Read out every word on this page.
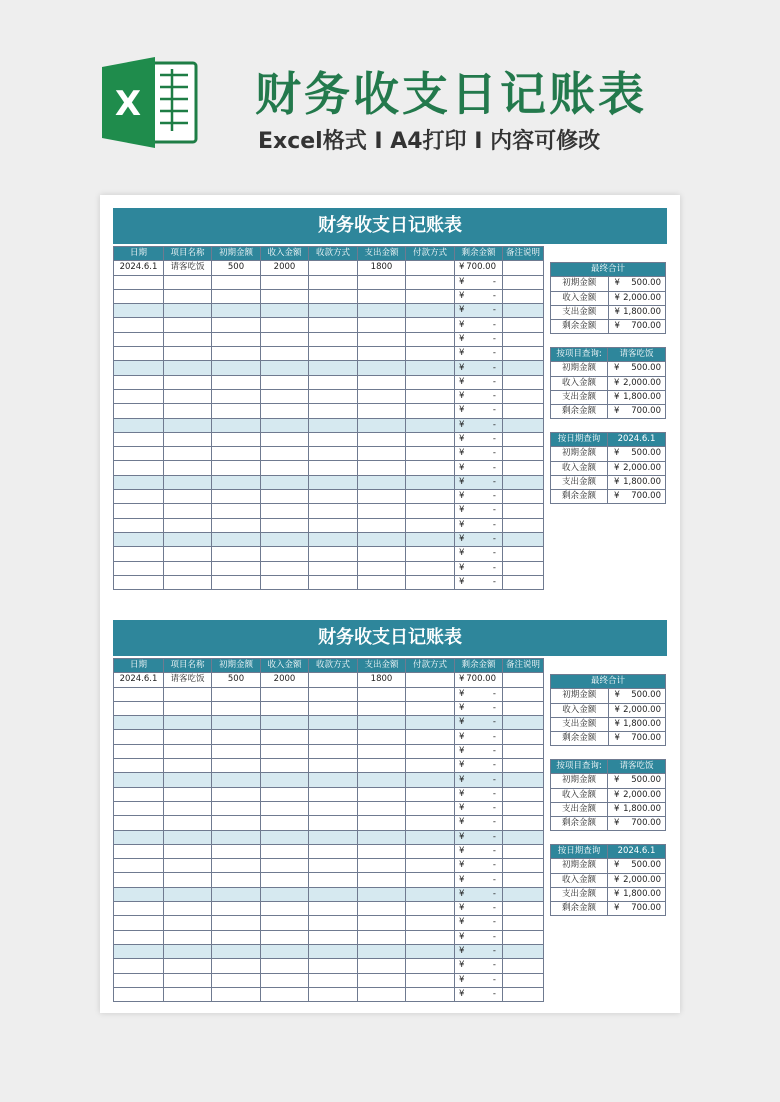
X 财务收支日记账表
Excel格式 I A4打印 I 内容可修改
财务收支日记账表
日期	项目名称	初期金额	收入金额	收款方式	支出金额	付款方式	剩余金额	备注说明
2024.6.1	请客吃饭	500	2000		1800		¥ 700.00	

							¥ -	

							¥ -	

							¥ -	

							¥ -	

							¥ -	

							¥ -	

							¥ -	

							¥ -	

							¥ -	

							¥ -	

							¥ -	

							¥ -	

							¥ -	

							¥ -	

							¥ -	

							¥ -	

							¥ -	

							¥ -	

							¥ -	

							¥ -	

							¥ -	

							¥ -	

最终合计	
初期金额	¥ 500.00

收入金额	¥ 2,000.00

支出金额	¥ 1,800.00

剩余金额	¥ 700.00
按项目查询:	请客吃饭
初期金额	¥ 500.00

收入金额	¥ 2,000.00

支出金额	¥ 1,800.00

剩余金额	¥ 700.00
按日期查询	2024.6.1
初期金额	¥ 500.00

收入金额	¥ 2,000.00

支出金额	¥ 1,800.00

剩余金额	¥ 700.00
财务收支日记账表
日期	项目名称	初期金额	收入金额	收款方式	支出金额	付款方式	剩余金额	备注说明
2024.6.1	请客吃饭	500	2000		1800		¥ 700.00	

							¥ -	

							¥ -	

							¥ -	

							¥ -	

							¥ -	

							¥ -	

							¥ -	

							¥ -	

							¥ -	

							¥ -	

							¥ -	

							¥ -	

							¥ -	

							¥ -	

							¥ -	

							¥ -	

							¥ -	

							¥ -	

							¥ -	

							¥ -	

							¥ -	

							¥ -	

最终合计	
初期金额	¥ 500.00

收入金额	¥ 2,000.00

支出金额	¥ 1,800.00

剩余金额	¥ 700.00
按项目查询:	请客吃饭
初期金额	¥ 500.00

收入金额	¥ 2,000.00

支出金额	¥ 1,800.00

剩余金额	¥ 700.00
按日期查询	2024.6.1
初期金额	¥ 500.00

收入金额	¥ 2,000.00

支出金额	¥ 1,800.00

剩余金额	¥ 700.00
